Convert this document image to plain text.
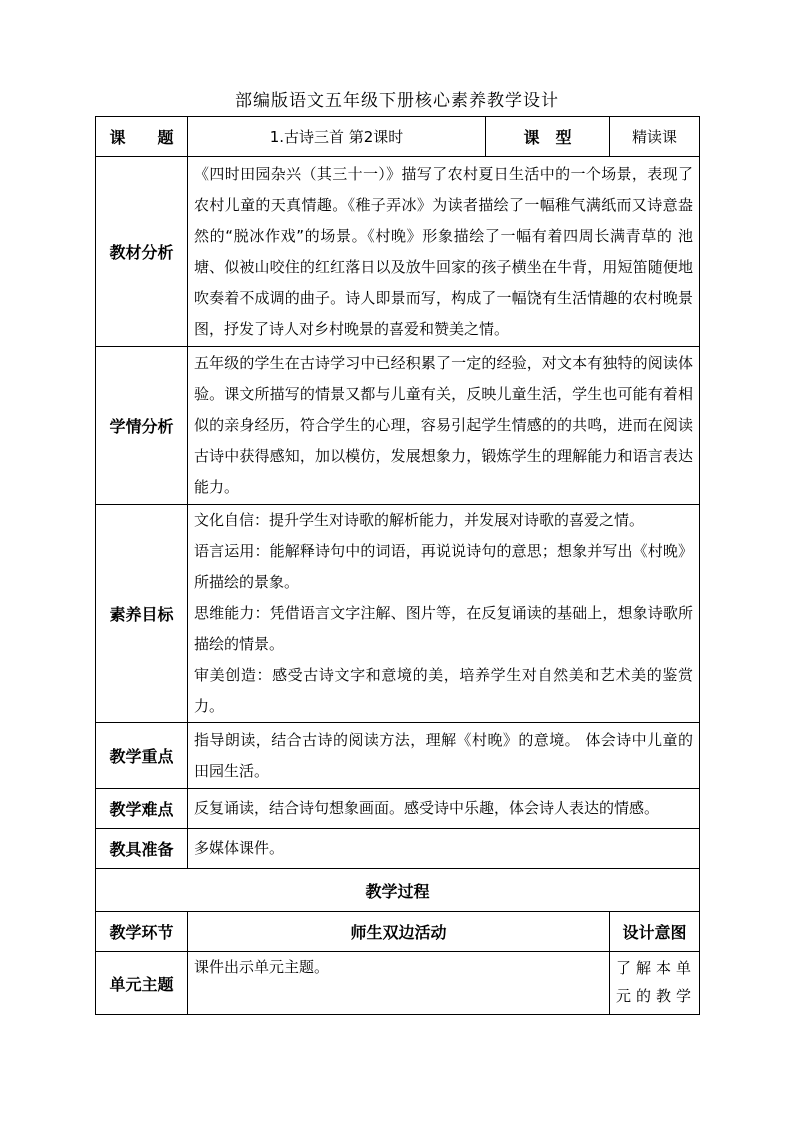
部编版语文五年级下册核心素养教学设计
课　　题	1.古诗三首 第2课时	课　型	精读课
教材分析	《四时田园杂兴（其三十一）》描写了农村夏日生活中的一个场景，表现了农村儿童的天真情趣。《稚子弄冰》为读者描绘了一幅稚气满纸而又诗意盎然的“脱冰作戏”的场景。《村晚》形象描绘了一幅有着四周长满青草的 池塘、似被山咬住的红红落日以及放牛回家的孩子横坐在牛背，用短笛随便地吹奏着不成调的曲子。诗人即景而写，构成了一幅饶有生活情趣的农村晚景图，抒发了诗人对乡村晚景的喜爱和赞美之情。		
学情分析	五年级的学生在古诗学习中已经积累了一定的经验，对文本有独特的阅读体验。课文所描写的情景又都与儿童有关，反映儿童生活，学生也可能有着相似的亲身经历，符合学生的心理，容易引起学生情感的的共鸣，进而在阅读古诗中获得感知，加以模仿，发展想象力，锻炼学生的理解能力和语言表达能力。		
素养目标	文化自信：提升学生对诗歌的解析能力，并发展对诗歌的喜爱之情。

语言运用：能解释诗句中的词语，再说说诗句的意思；想象并写出《村晚》所描绘的景象。

思维能力：凭借语言文字注解、图片等，在反复诵读的基础上，想象诗歌所描绘的情景。

审美创造：感受古诗文字和意境的美，培养学生对自然美和艺术美的鉴赏力。		

教学重点	指导朗读，结合古诗的阅读方法，理解《村晚》的意境。 体会诗中儿童的田园生活。		
教学难点	反复诵读，结合诗句想象画面。感受诗中乐趣，体会诗人表达的情感。		
教具准备	多媒体课件。		
教学过程			
教学环节	师生双边活动		设计意图
单元主题	课件出示单元主题。		了解本单元的教学
